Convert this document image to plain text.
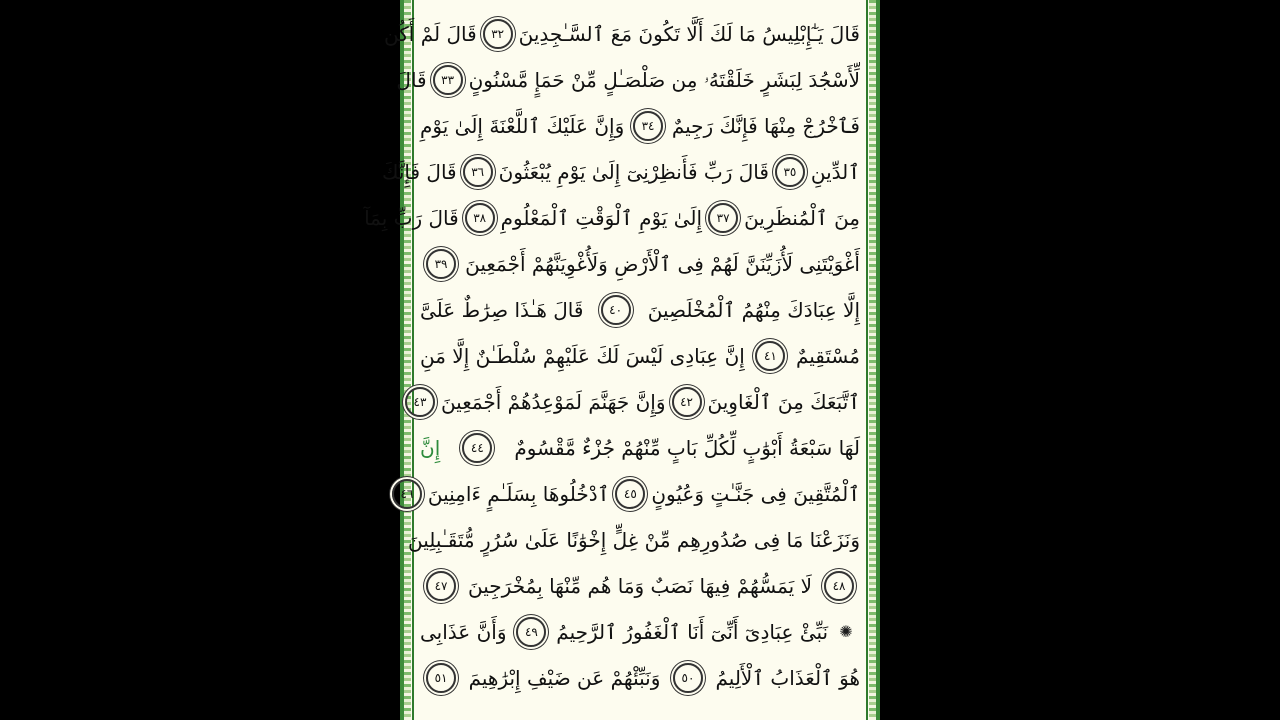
قَالَ يَـٰٓإِبْلِيسُ مَا لَكَ أَلَّا تَكُونَ مَعَ ٱلسَّـٰجِدِينَ
٣٢
قَالَ لَمْ أَكُن
لِّأَسْجُدَ لِبَشَرٍ خَلَقْتَهُۥ مِن صَلْصَـٰلٍ مِّنْ حَمَإٍ مَّسْنُونٍ
٣٣
قَالَ
فَٱخْرُجْ مِنْهَا فَإِنَّكَ رَجِيمٌ
٣٤
وَإِنَّ عَلَيْكَ ٱللَّعْنَةَ إِلَىٰ يَوْمِ
ٱلدِّينِ
٣٥
قَالَ رَبِّ فَأَنظِرْنِىٓ إِلَىٰ يَوْمِ يُبْعَثُونَ
٣٦
قَالَ فَإِنَّكَ
مِنَ ٱلْمُنظَرِينَ
٣٧
إِلَىٰ يَوْمِ ٱلْوَقْتِ ٱلْمَعْلُومِ
٣٨
قَالَ رَبِّ بِمَآ
أَغْوَيْتَنِى لَأُزَيِّنَنَّ لَهُمْ فِى ٱلْأَرْضِ وَلَأُغْوِيَنَّهُمْ أَجْمَعِينَ
٣٩
إِلَّا عِبَادَكَ مِنْهُمُ ٱلْمُخْلَصِينَ
٤٠
قَالَ هَـٰذَا صِرَٰطٌ عَلَىَّ
مُسْتَقِيمٌ
٤١
إِنَّ عِبَادِى لَيْسَ لَكَ عَلَيْهِمْ سُلْطَـٰنٌ إِلَّا مَنِ
ٱتَّبَعَكَ مِنَ ٱلْغَاوِينَ
٤٢
وَإِنَّ جَهَنَّمَ لَمَوْعِدُهُمْ أَجْمَعِينَ
٤٣
لَهَا سَبْعَةُ أَبْوَٰبٍ لِّكُلِّ بَابٍ مِّنْهُمْ جُزْءٌ مَّقْسُومٌ
٤٤
إِنَّ
ٱلْمُتَّقِينَ فِى جَنَّـٰتٍ وَعُيُونٍ
٤٥
ٱدْخُلُوهَا بِسَلَـٰمٍ ءَامِنِينَ
٤٦
وَنَزَعْنَا مَا فِى صُدُورِهِم مِّنْ غِلٍّ إِخْوَٰنًا عَلَىٰ سُرُرٍ مُّتَقَـٰبِلِينَ
٤٨
لَا يَمَسُّهُمْ فِيهَا نَصَبٌ وَمَا هُم مِّنْهَا بِمُخْرَجِينَ
٤٧
✺
نَبِّئْ عِبَادِىٓ أَنِّىٓ أَنَا ٱلْغَفُورُ ٱلرَّحِيمُ
٤٩
وَأَنَّ عَذَابِى
هُوَ ٱلْعَذَابُ ٱلْأَلِيمُ
٥٠
وَنَبِّئْهُمْ عَن ضَيْفِ إِبْرَٰهِيمَ
٥١
